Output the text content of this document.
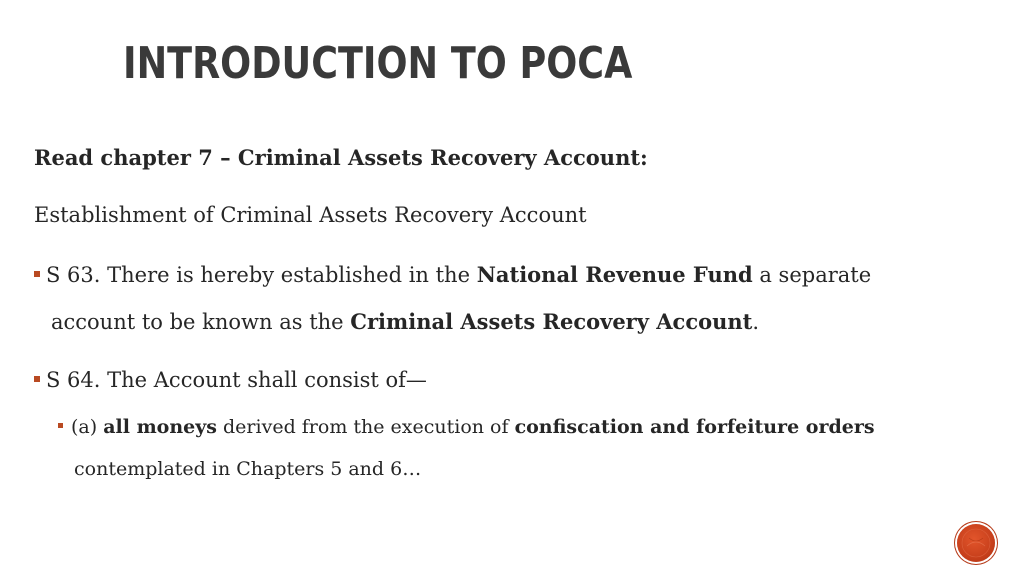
INTRODUCTION TO POCA
Read chapter 7 – Criminal Assets Recovery Account:
Establishment of Criminal Assets Recovery Account
S 63. There is hereby established in the National Revenue Fund a separate
account to be known as the Criminal Assets Recovery Account.
S 64. The Account shall consist of—
(a) all moneys derived from the execution of confiscation and forfeiture orders
contemplated in Chapters 5 and 6…
